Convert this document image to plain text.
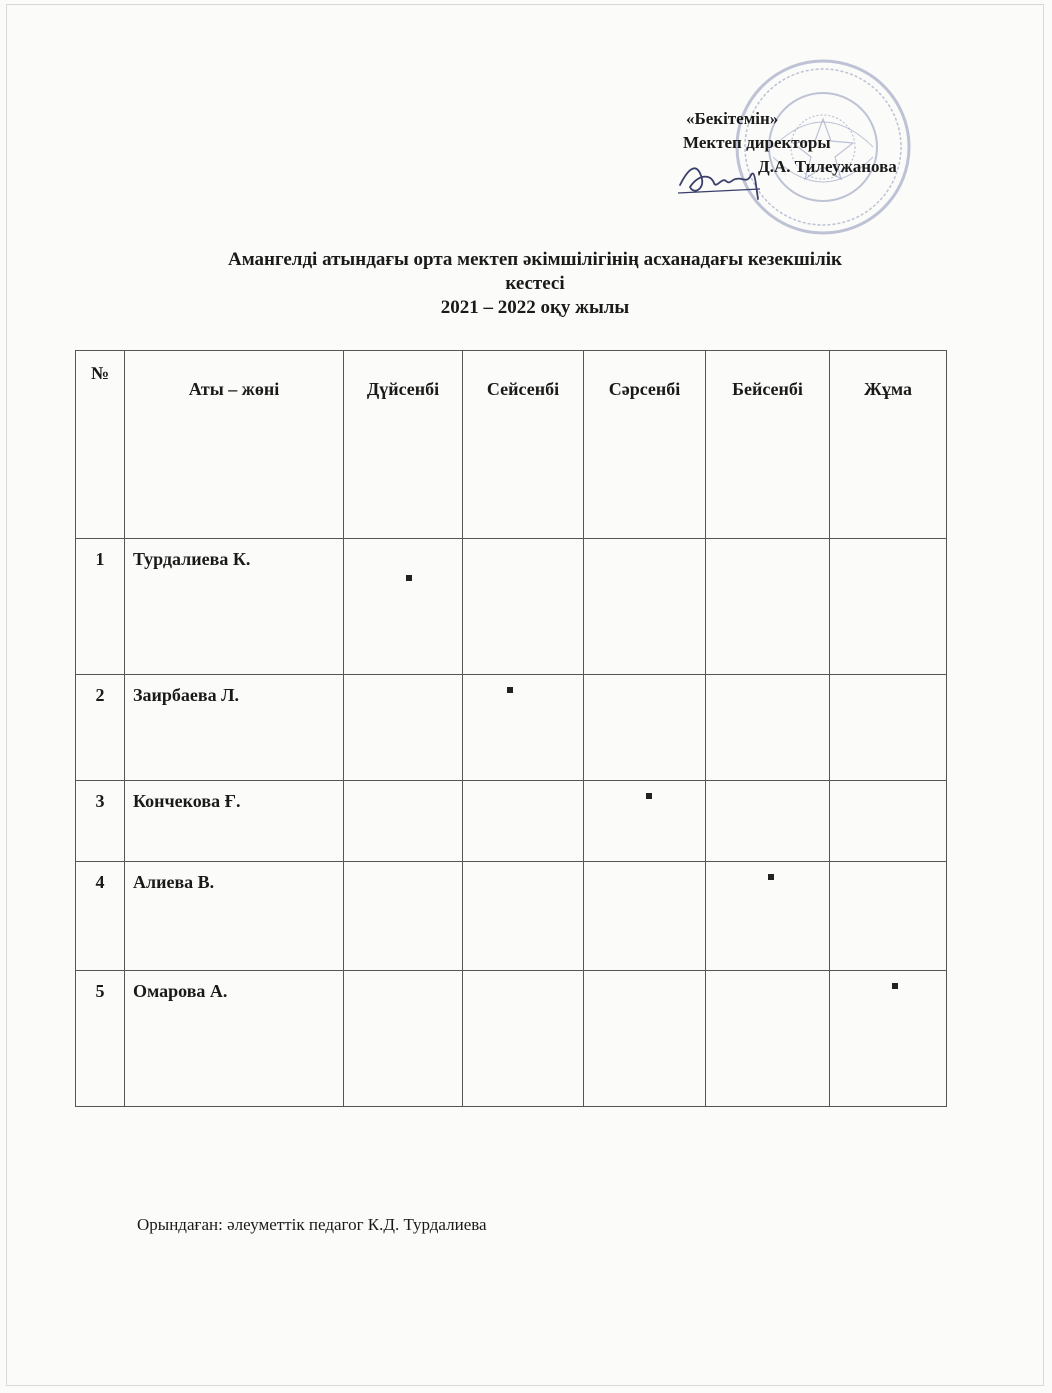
«Бекітемін»
Мектеп директоры
Д.А. Тилеужанова
Амангелді атындағы орта мектеп әкімшілігінің асханадағы кезекшілік
кестесі
2021 – 2022 оқу жылы
№	Аты – жөні	Дүйсенбі	Сейсенбі	Сәрсенбі	Бейсенбі	Жұма
1	Турдалиева К.	

2	Заирбаева Л.		

3	Кончекова Ғ.			

4	Алиева В.				

5	Омарова А.					
Орындаған: әлеуметтік педагог К.Д. Турдалиева
